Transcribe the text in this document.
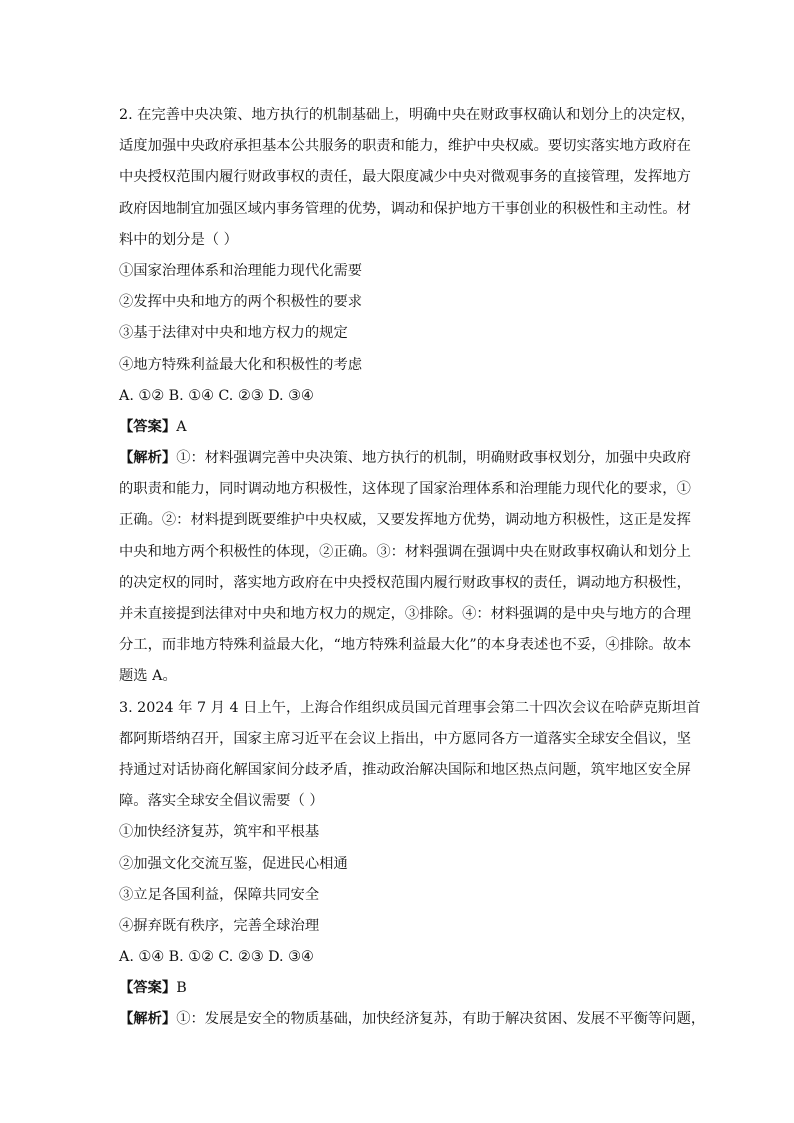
2. 在完善中央决策、地方执行的机制基础上，明确中央在财政事权确认和划分上的决定权，

适度加强中央政府承担基本公共服务的职责和能力，维护中央权威。要切实落实地方政府在

中央授权范围内履行财政事权的责任，最大限度减少中央对微观事务的直接管理，发挥地方

政府因地制宜加强区域内事务管理的优势，调动和保护地方干事创业的积极性和主动性。材

料中的划分是（ ）

①国家治理体系和治理能力现代化需要

②发挥中央和地方的两个积极性的要求

③基于法律对中央和地方权力的规定

④地方特殊利益最大化和积极性的考虑

A. ①② B. ①④ C. ②③ D. ③④

【答案】A

【解析】①：材料强调完善中央决策、地方执行的机制，明确财政事权划分，加强中央政府

的职责和能力，同时调动地方积极性，这体现了国家治理体系和治理能力现代化的要求，①

正确。②：材料提到既要维护中央权威，又要发挥地方优势，调动地方积极性，这正是发挥

中央和地方两个积极性的体现，②正确。③：材料强调在强调中央在财政事权确认和划分上

的决定权的同时，落实地方政府在中央授权范围内履行财政事权的责任，调动地方积极性，

并未直接提到法律对中央和地方权力的规定，③排除。④：材料强调的是中央与地方的合理

分工，而非地方特殊利益最大化，“地方特殊利益最大化”的本身表述也不妥，④排除。故本

题选 A。

3. 2024 年 7 月 4 日上午，上海合作组织成员国元首理事会第二十四次会议在哈萨克斯坦首

都阿斯塔纳召开，国家主席习近平在会议上指出，中方愿同各方一道落实全球安全倡议，坚

持通过对话协商化解国家间分歧矛盾，推动政治解决国际和地区热点问题，筑牢地区安全屏

障。落实全球安全倡议需要（ ）

①加快经济复苏，筑牢和平根基

②加强文化交流互鉴，促进民心相通

③立足各国利益，保障共同安全

④摒弃既有秩序，完善全球治理

A. ①④ B. ①② C. ②③ D. ③④

【答案】B

【解析】①：发展是安全的物质基础，加快经济复苏，有助于解决贫困、发展不平衡等问题，
